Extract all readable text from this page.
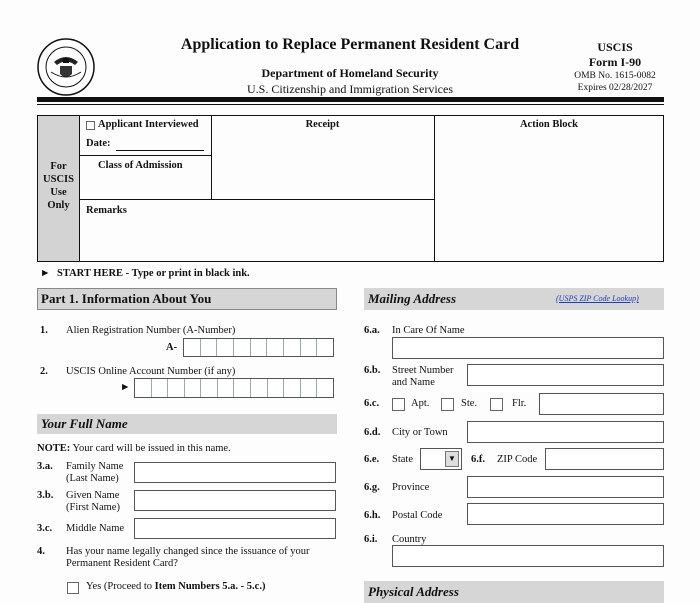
Application to Replace Permanent Resident Card
Department of Homeland Security
U.S. Citizenship and Immigration Services
USCIS
Form I-90
OMB No. 1615-0082
Expires 02/28/2027
For
USCIS
Use
Only
Applicant Interviewed
Date:
Class of Admission
Receipt	Action Block
Remarks
► START HERE - Type or print in black ink.
Part 1. Information About You
1. Alien Registration Number (A-Number)
A-
2. USCIS Online Account Number (if any)
►
Your Full Name
NOTE: Your card will be issued in this name.
3.a. Family Name
(Last Name)
3.b. Given Name
(First Name)
3.c. Middle Name
4. Has your name legally changed since the issuance of your
Permanent Resident Card?
Yes (Proceed to Item Numbers 5.a. - 5.c.)
Mailing Address	(USPS ZIP Code Lookup)
6.a. In Care Of Name
6.b. Street Number
and Name
6.c.	Apt.	Ste.	Flr.
6.d. City or Town
6.e. State	▼ 6.f. ZIP Code
6.g. Province
6.h. Postal Code
6.i. Country
Physical Address
